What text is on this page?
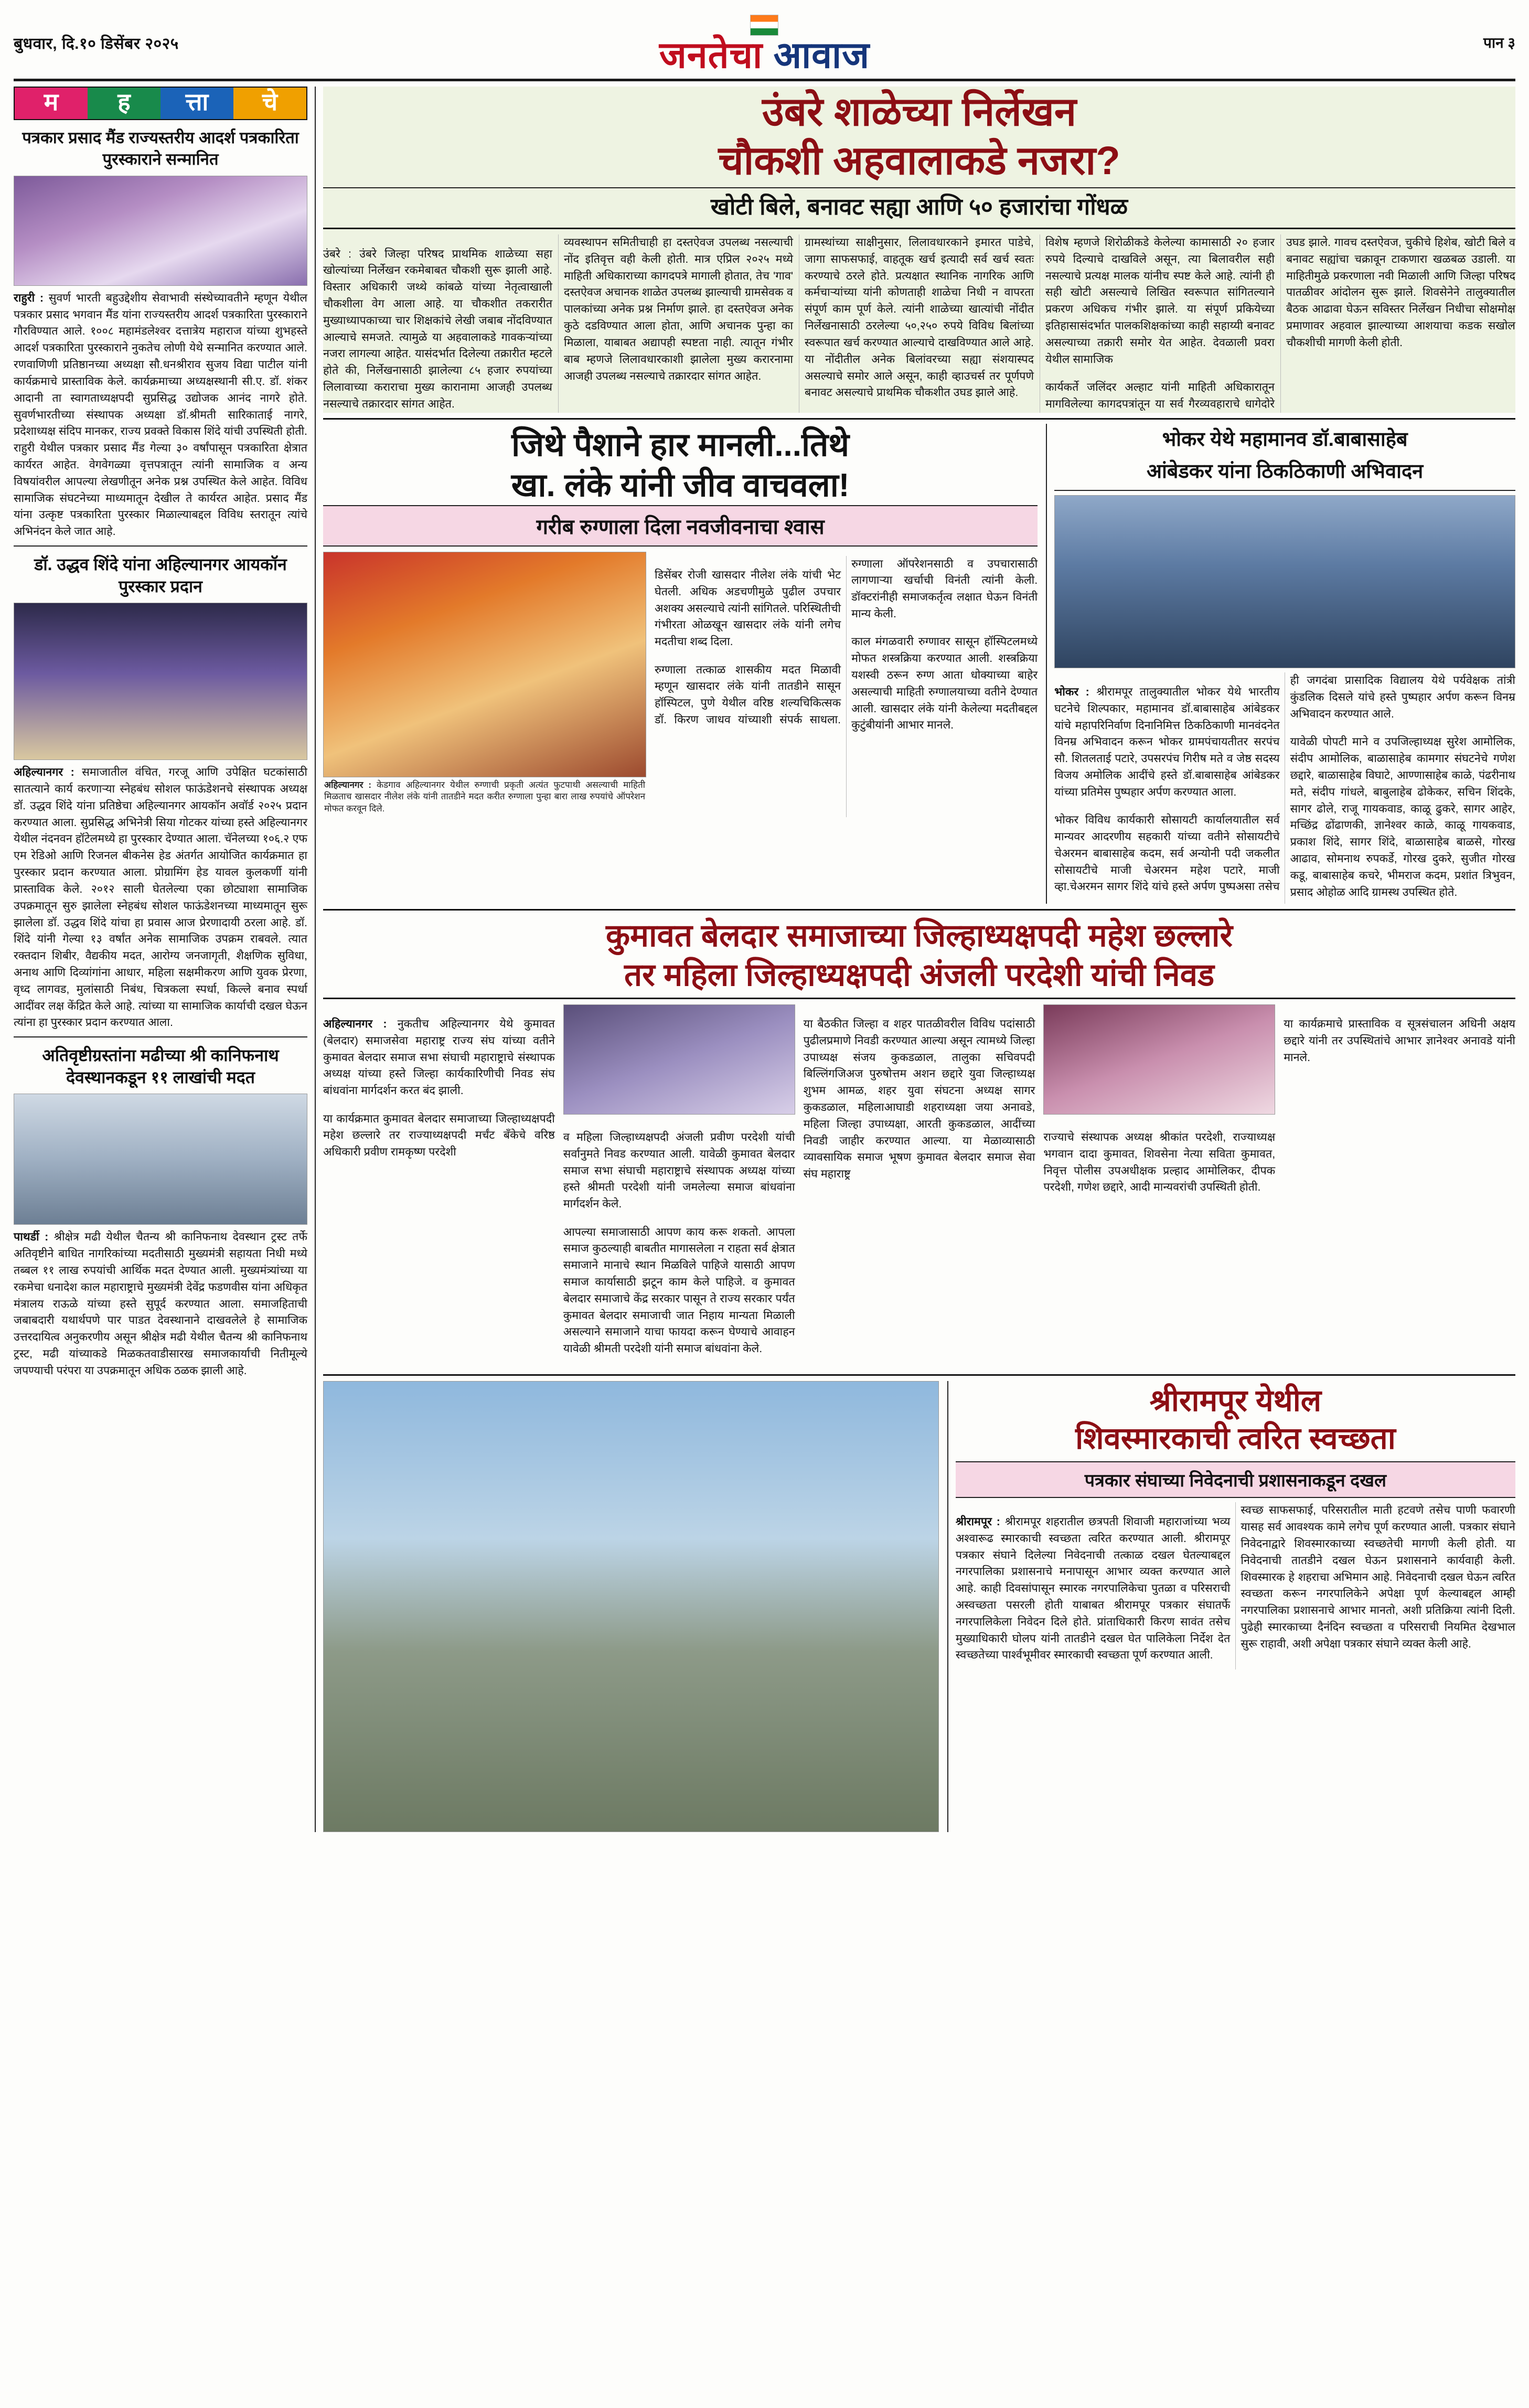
बुधवार, दि.१० डिसेंबर २०२५	जनतेचा आवाज	पान ३
म	ह	त्ता	चे
पत्रकार प्रसाद मैंड राज्यस्तरीय आदर्श पत्रकारिता पुरस्काराने सन्मानित
राहुरी : सुवर्ण भारती बहुउद्देशीय सेवाभावी संस्थेच्यावतीने म्हणून येथील पत्रकार प्रसाद भगवान मैंड यांना राज्यस्तरीय आदर्श पत्रकारिता पुरस्काराने गौरविण्यात आले. १००८ महामंडलेश्वर दत्तात्रेय महाराज यांच्या शुभहस्ते आदर्श पत्रकारिता पुरस्काराने नुकतेच लोणी येथे सन्मानित करण्यात आले. रणवाणिणी प्रतिष्ठानच्या अध्यक्षा सौ.धनश्रीराव सुजय विद्या पाटील यांनी कार्यक्रमाचे प्रास्ताविक केले. कार्यक्रमाच्या अध्यक्षस्थानी सी.ए. डॉ. शंकर आदानी ता स्वागताध्यक्षपदी सुप्रसिद्ध उद्योजक आनंद नागरे होते. सुवर्णभारतीच्या संस्थापक अध्यक्षा डॉ.श्रीमती सारिकाताई नागरे, प्रदेशाध्यक्ष संदिप मानकर, राज्य प्रवक्ते विकास शिंदे यांची उपस्थिती होती. राहुरी येथील पत्रकार प्रसाद मैंड गेल्या ३० वर्षांपासून पत्रकारिता क्षेत्रात कार्यरत आहेत. वेगवेगळ्या वृत्तपत्रातून त्यांनी सामाजिक व अन्य विषयांवरील आपल्या लेखणीतून अनेक प्रश्न उपस्थित केले आहेत. विविध सामाजिक संघटनेच्या माध्यमातून देखील ते कार्यरत आहेत. प्रसाद मैंड यांना उत्कृष्ट पत्रकारिता पुरस्कार मिळाल्याबद्दल विविध स्तरातून त्यांचे अभिनंदन केले जात आहे.
डॉ. उद्धव शिंदे यांना अहिल्यानगर आयकॉन पुरस्कार प्रदान
अहिल्यानगर : समाजातील वंचित, गरजू आणि उपेक्षित घटकांसाठी सातत्याने कार्य करणाऱ्या स्नेहबंध सोशल फाऊंडेशनचे संस्थापक अध्यक्ष डॉ. उद्धव शिंदे यांना प्रतिष्ठेचा अहिल्यानगर आयकॉन अवॉर्ड २०२५ प्रदान करण्यात आला. सुप्रसिद्ध अभिनेत्री सिया गोटकर यांच्या हस्ते अहिल्यानगर येथील नंदनवन हॉटेलमध्ये हा पुरस्कार देण्यात आला. चॅनेलच्या १०६.२ एफ एम रेडिओ आणि रिजनल बीकनेस हेड अंतर्गत आयोजित कार्यक्रमात हा पुरस्कार प्रदान करण्यात आला. प्रोग्रामिंग हेड यावल कुलकर्णी यांनी प्रास्ताविक केले. २०१२ साली घेतलेल्या एका छोट्याशा सामाजिक उपक्रमातून सुरु झालेला स्नेहबंध सोशल फाऊंडेशनच्या माध्यमातून सुरू झालेला डॉ. उद्धव शिंदे यांचा हा प्रवास आज प्रेरणादायी ठरला आहे. डॉ. शिंदे यांनी गेल्या १३ वर्षांत अनेक सामाजिक उपक्रम राबवले. त्यात रक्तदान शिबीर, वैद्यकीय मदत, आरोग्य जनजागृती, शैक्षणिक सुविधा, अनाथ आणि दिव्यांगांना आधार, महिला सक्षमीकरण आणि युवक प्रेरणा, वृध्द लागवड, मुलांसाठी निबंध, चित्रकला स्पर्धा, किल्ले बनाव स्पर्धा आदींवर लक्ष केंद्रित केले आहे. त्यांच्या या सामाजिक कार्याची दखल घेऊन त्यांना हा पुरस्कार प्रदान करण्यात आला.
अतिवृष्टीग्रस्तांना मढीच्या श्री कानिफनाथ देवस्थानकडून ११ लाखांची मदत
पाथर्डी : श्रीक्षेत्र मढी येथील चैतन्य श्री कानिफनाथ देवस्थान ट्रस्ट तर्फे अतिवृष्टीने बाधित नागरिकांच्या मदतीसाठी मुख्यमंत्री सहायता निधी मध्ये तब्बल ११ लाख रुपयांची आर्थिक मदत देण्यात आली. मुख्यमंत्र्यांच्या या रकमेचा धनादेश काल महाराष्ट्राचे मुख्यमंत्री देवेंद्र फडणवीस यांना अधिकृत मंत्रालय राऊळे यांच्या हस्ते सुपूर्द करण्यात आला. समाजहिताची जबाबदारी यथार्थपणे पार पाडत देवस्थानाने दाखवलेले हे सामाजिक उत्तरदायित्व अनुकरणीय असून श्रीक्षेत्र मढी येथील चैतन्य श्री कानिफनाथ ट्रस्ट, मढी यांच्याकडे मिळकतवाडीसारख समाजकार्याची नितीमूल्ये जपण्याची परंपरा या उपक्रमातून अधिक ठळक झाली आहे.
उंबरे शाळेच्या निर्लेखन
चौकशी अहवालाकडे नजरा?
खोटी बिले, बनावट सह्या आणि ५० हजारांचा गोंधळ

उंबरे : उंबरे जिल्हा परिषद प्राथमिक शाळेच्या सहा खोल्यांच्या निर्लेखन रकमेबाबत चौकशी सुरू झाली आहे. विस्तार अधिकारी जथ्थे कांबळे यांच्या नेतृत्वाखाली चौकशीला वेग आला आहे. या चौकशीत तकरारीत मुख्याध्यापकाच्या चार शिक्षकांचे लेखी जबाब नोंदविण्यात आल्याचे समजते. त्यामुळे या अहवालाकडे गावकऱ्यांच्या नजरा लागल्या आहेत. यासंदर्भात दिलेल्या तक्रारीत म्हटले होते की, निर्लेखनासाठी झालेल्या ८५ हजार रुपयांच्या लिलावाच्या कराराचा मुख्य कारानामा आजही उपलब्ध नसल्याचे तक्रारदार सांगत आहेत.

व्यवस्थापन समितीचाही हा दस्तऐवज उपलब्ध नसल्याची नोंद इतिवृत्त वही केली होती. मात्र एप्रिल २०२५ मध्ये माहिती अधिकाराच्या कागदपत्रे मागाली होतात, तेच 'गाव' दस्तऐवज अचानक शाळेत उपलब्ध झाल्याची ग्रामसेवक व पालकांच्या अनेक प्रश्न निर्माण झाले. हा दस्तऐवज अनेक कुठे दडविण्यात आला होता, आणि अचानक पुन्हा का मिळाला, याबाबत अद्यापही स्पष्टता नाही. त्यातून गंभीर बाब म्हणजे लिलावधारकाशी झालेला मुख्य करारनामा आजही उपलब्ध नसल्याचे तक्रारदार सांगत आहेत.

ग्रामस्थांच्या साक्षीनुसार, लिलावधारकाने इमारत पाडेचे, जागा साफसफाई, वाहतूक खर्च इत्यादी सर्व खर्च स्वतः करण्याचे ठरले होते. प्रत्यक्षात स्थानिक नागरिक आणि कर्मचाऱ्यांच्या यांनी कोणताही शाळेचा निधी न वापरता संपूर्ण काम पूर्ण केले. त्यांनी शाळेच्या खात्यांची नोंदीत निर्लेखनासाठी ठरलेल्या ५०,२५० रुपये विविध बिलांच्या स्वरूपात खर्च करण्यात आल्याचे दाखविण्यात आले आहे. या नोंदीतील अनेक बिलांवरच्या सह्या संशयास्पद असल्याचे समोर आले असून, काही व्हाउचर्स तर पूर्णपणे बनावट असल्याचे प्राथमिक चौकशीत उघड झाले आहे.

विशेष म्हणजे शिरोळीकडे केलेल्या कामासाठी २० हजार रुपये दिल्याचे दाखविले असून, त्या बिलावरील सही नसल्याचे प्रत्यक्ष मालक यांनीच स्पष्ट केले आहे. त्यांनी ही सही खोटी असल्याचे लिखित स्वरूपात सांगितल्याने प्रकरण अधिकच गंभीर झाले. या संपूर्ण प्रकियेच्या इतिहासासंदर्भात पालकशिक्षकांच्या काही सहाय्यी बनावट असल्याच्या तक्रारी समोर येत आहेत. देवळाली प्रवरा येथील सामाजिक

कार्यकर्ते जलिंदर अल्हाट यांनी माहिती अधिकारातून मागविलेल्या कागदपत्रांतून या सर्व गैरव्यवहाराचे धागेदोरे उघड झाले. गावच दस्तऐवज, चुकीचे हिशेब, खोटी बिले व बनावट सह्यांचा चक्रावून टाकणारा खळबळ उडाली. या माहितीमुळे प्रकरणाला नवी मिळाली आणि जिल्हा परिषद पातळीवर आंदोलन सुरू झाले. शिवसेनेने तालुक्यातील बैठक आढावा घेऊन सविस्तर निर्लेखन निधीचा सोक्षमोक्ष प्रमाणावर अहवाल झाल्याच्या आशयाचा कडक सखोल चौकशीची मागणी केली होती.

जिथे पैशाने हार मानली...तिथे
खा. लंके यांनी जीव वाचवला!
गरीब रुग्णाला दिला नवजीवनाचा श्वास
अहिल्यानगर : केडगाव अहिल्यानगर येथील रुग्णाची प्रकृती अत्यंत फुटपाथी असल्याची माहिती मिळताच खासदार नीलेश लंके यांनी तातडीने मदत करीत रुग्णाला पुन्हा बारा लाख रुपयांचे ऑपरेशन मोफत करवून दिले.

डिसेंबर रोजी खासदार नीलेश लंके यांची भेट घेतली. अधिक अडचणीमुळे पुढील उपचार अशक्य असल्याचे त्यांनी सांगितले. परिस्थितीची गंभीरता ओळखून खासदार लंके यांनी लगेच मदतीचा शब्द दिला.

रुग्णाला तत्काळ शासकीय मदत मिळावी म्हणून खासदार लंके यांनी तातडीने सासून हॉस्पिटल, पुणे येथील वरिष्ठ शल्यचिकित्सक डॉ. किरण जाधव यांच्याशी संपर्क साधला. रुग्णाला ऑपरेशनसाठी व उपचारासाठी लागणाऱ्या खर्चाची विनंती त्यांनी केली. डॉक्टरांनीही समाजकर्तृत्व लक्षात घेऊन विनंती मान्य केली.

काल मंगळवारी रुग्णावर सासून हॉस्पिटलमध्ये मोफत शस्त्रक्रिया करण्यात आली. शस्त्रक्रिया यशस्वी ठरून रुग्ण आता धोक्याच्या बाहेर असल्याची माहिती रुग्णालयाच्या वतीने देण्यात आली. खासदार लंके यांनी केलेल्या मदतीबद्दल कुटुंबीयांनी आभार मानले.

भोकर येथे महामानव डॉ.बाबासाहेब
आंबेडकर यांना ठिकठिकाणी अभिवादन

भोकर : श्रीरामपूर तालुक्यातील भोकर येथे भारतीय घटनेचे शिल्पकार, महामानव डॉ.बाबासाहेब आंबेडकर यांचे महापरिनिर्वाण दिनानिमित्त ठिकठिकाणी मानवंदनेत विनम्र अभिवादन करून भोकर ग्रामपंचायतीतर सरपंच सौ. शितलताई पटारे, उपसरपंच गिरीष मते व जेष्ठ सदस्य विजय अमोलिक आदींचे हस्ते डॉ.बाबासाहेब आंबेडकर यांच्या प्रतिमेस पुष्पहार अर्पण करण्यात आला.

भोकर विविध कार्यकारी सोसायटी कार्यालयातील सर्व मान्यवर आदरणीय सहकारी यांच्या वतीने सोसायटीचे चेअरमन बाबासाहेब कदम, सर्व अन्योनी पदी जकलीत सोसायटीचे माजी चेअरमन महेश पटारे, माजी व्हा.चेअरमन सागर शिंदे यांचे हस्ते अर्पण पुष्पअसा तसेच ही जगदंबा प्रासादिक विद्यालय येथे पर्यवेक्षक तांत्री कुंडलिक दिसले यांचे हस्ते पुष्पहार अर्पण करून विनम्र अभिवादन करण्यात आले.

यावेळी पोपटी माने व उपजिल्हाध्यक्ष सुरेश आमोलिक, संदीप आमोलिक, बाळासाहेब कामगार संघटनेचे गणेश छद्दारे, बाळासाहेब विघाटे, आण्णासाहेब काळे, पंढरीनाथ मते, संदीप गांधले, बाबुलाहेब ढोकेकर, सचिन शिंदके, सागर ढोले, राजू गायकवाड, काळू ढुकरे, सागर आहेर, मच्छिंद्र ढोंढाणकी, ज्ञानेश्वर काळे, काळू गायकवाड, प्रकाश शिंदे, सागर शिंदे, बाळासाहेब बाळसे, गोरख आढाव, सोमनाथ रुपकर्डे, गोरख दुकरे, सुजीत गोरख कडू, बाबासाहेब कचरे, भीमराज कदम, प्रशांत त्रिभुवन, प्रसाद ओहोळ आदि ग्रामस्थ उपस्थित होते.

कुमावत बेलदार समाजाच्या जिल्हाध्यक्षपदी महेश छल्लारे
तर महिला जिल्हाध्यक्षपदी अंजली परदेशी यांची निवड

अहिल्यानगर : नुकतीच अहिल्यानगर येथे कुमावत (बेलदार) समाजसेवा महाराष्ट्र राज्य संघ यांच्या वतीने कुमावत बेलदार समाज सभा संघाची महाराष्ट्राचे संस्थापक अध्यक्ष यांच्या हस्ते जिल्हा कार्यकारिणीची निवड संघ बांधवांना मार्गदर्शन करत बंद झाली.

या कार्यक्रमात कुमावत बेलदार समाजाच्या जिल्हाध्यक्षपदी महेश छल्लारे तर राज्याध्यक्षपदी मर्चंट बँकेचे वरिष्ठ अधिकारी प्रवीण रामकृष्ण परदेशी

व महिला जिल्हाध्यक्षपदी अंजली प्रवीण परदेशी यांची सर्वानुमते निवड करण्यात आली. यावेळी कुमावत बेलदार समाज सभा संघाची महाराष्ट्राचे संस्थापक अध्यक्ष यांच्या हस्ते श्रीमती परदेशी यांनी जमलेल्या समाज बांधवांना मार्गदर्शन केले.

आपल्या समाजासाठी आपण काय करू शकतो. आपला समाज कुठल्याही बाबतीत मागासलेला न राहता सर्व क्षेत्रात समाजाने मानाचे स्थान मिळविले पाहिजे यासाठी आपण समाज कार्यासाठी झटून काम केले पाहिजे. व कुमावत बेलदार समाजाचे केंद्र सरकार पासून ते राज्य सरकार पर्यंत कुमावत बेलदार समाजाची जात निहाय मान्यता मिळाली असल्याने समाजाने याचा फायदा करून घेण्याचे आवाहन यावेळी श्रीमती परदेशी यांनी समाज बांधवांना केले.

या बैठकीत जिल्हा व शहर पातळीवरील विविध पदांसाठी पुढीलप्रमाणे निवडी करण्यात आल्या असून त्यामध्ये जिल्हा उपाध्यक्ष संजय कुकडळाल, तालुका सचिवपदी बिल्लिंगजिअज पुरुषोत्तम अशन छद्दारे युवा जिल्हाध्यक्ष शुभम आमळ, शहर युवा संघटना अध्यक्ष सागर कुकडळाल, महिलाआघाडी शहराध्यक्षा जया अनावडे, महिला जिल्हा उपाध्यक्षा, आरती कुकडळाल, आदींच्या निवडी जाहीर करण्यात आल्या. या मेळाव्यासाठी व्यावसायिक समाज भूषण कुमावत बेलदार समाज सेवा संघ महाराष्ट्र

राज्याचे संस्थापक अध्यक्ष श्रीकांत परदेशी, राज्याध्यक्ष भगवान दादा कुमावत, शिवसेना नेत्या सविता कुमावत, निवृत्त पोलीस उपअधीक्षक प्रल्हाद आमोलिकर, दीपक परदेशी, गणेश छद्दारे, आदी मान्यवरांची उपस्थिती होती.

या कार्यक्रमाचे प्रास्ताविक व सूत्रसंचालन अधिनी अक्षय छद्दारे यांनी तर उपस्थितांचे आभार ज्ञानेश्वर अनावडे यांनी मानले.

श्रीरामपूर येथील
शिवस्मारकाची त्वरित स्वच्छता
पत्रकार संघाच्या निवेदनाची प्रशासनाकडून दखल

श्रीरामपूर : श्रीरामपूर शहरातील छत्रपती शिवाजी महाराजांच्या भव्य अश्वारूढ स्मारकाची स्वच्छता त्वरित करण्यात आली. श्रीरामपूर पत्रकार संघाने दिलेल्या निवेदनाची तत्काळ दखल घेतल्याबद्दल नगरपालिका प्रशासनाचे मनापासून आभार व्यक्त करण्यात आले आहे. काही दिवसांपासून स्मारक नगरपालिकेचा पुतळा व परिसराची अस्वच्छता पसरली होती याबाबत श्रीरामपूर पत्रकार संघातर्फे नगरपालिकेला निवेदन दिले होते. प्रांताधिकारी किरण सावंत तसेच मुख्याधिकारी घोलप यांनी तातडीने दखल घेत पालिकेला निर्देश देत स्वच्छतेच्या पार्श्वभूमीवर स्मारकाची स्वच्छता पूर्ण करण्यात आली.

स्वच्छ साफसफाई, परिसरातील माती हटवणे तसेच पाणी फवारणी यासह सर्व आवश्यक कामे लगेच पूर्ण करण्यात आली. पत्रकार संघाने निवेदनाद्वारे शिवस्मारकाच्या स्वच्छतेची मागणी केली होती. या निवेदनाची तातडीने दखल घेऊन प्रशासनाने कार्यवाही केली. शिवस्मारक हे शहराचा अभिमान आहे. निवेदनाची दखल घेऊन त्वरित स्वच्छता करून नगरपालिकेने अपेक्षा पूर्ण केल्याबद्दल आम्ही नगरपालिका प्रशासनाचे आभार मानतो, अशी प्रतिक्रिया त्यांनी दिली. पुढेही स्मारकाच्या दैनंदिन स्वच्छता व परिसराची नियमित देखभाल सुरू राहावी, अशी अपेक्षा पत्रकार संघाने व्यक्त केली आहे.
